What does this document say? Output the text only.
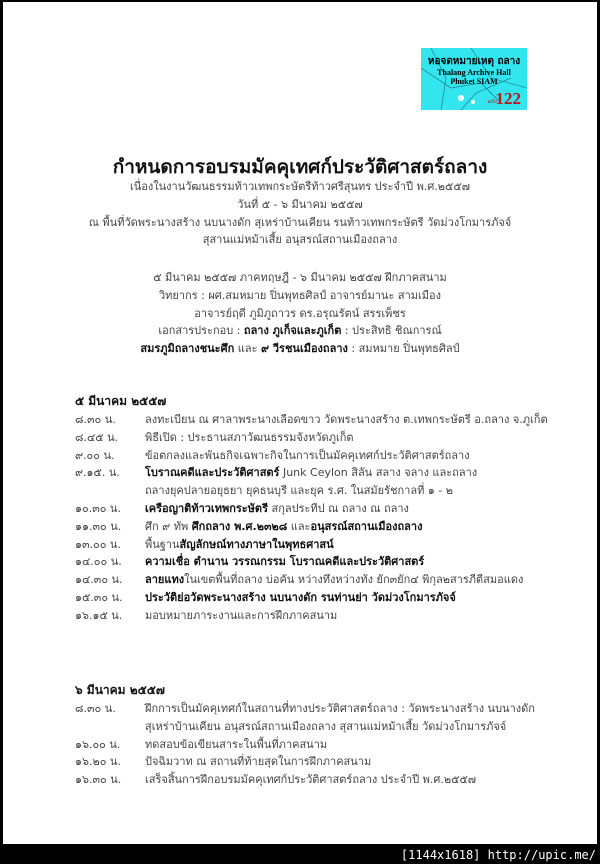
หอจดหมายเหตุ ถลาง
Thalang Archive Hall
Phuket SIAM
ฉบับ
122
กำหนดการอบรมมัคคุเทศก์ประวัติศาสตร์ถลาง
เนื่องในงานวัฒนธรรมท้าวเทพกระษัตรีท้าวศรีสุนทร ประจำปี พ.ศ.๒๕๕๗
วันที่ ๕ - ๖ มีนาคม ๒๕๕๗
ณ พื้นที่วัดพระนางสร้าง นบนางดัก สุเหร่าบ้านเคียน รนท้าวเทพกระษัตรี วัดม่วงโกมารภัจจ์
สุสานแม่หม้าเสี้ย อนุสรณ์สถานเมืองถลาง
๕ มีนาคม ๒๕๕๗ ภาคทฤษฎี - ๖ มีนาคม ๒๕๕๗ ฝึกภาคสนาม
วิทยากร : ผศ.สมหมาย ปิ่นพุทธศิลป์ อาจารย์มานะ สามเมือง
อาจารย์ฤดี ภูมิภูถาวร ดร.อรุณรัตน์ สรรเพ็ชร
เอกสารประกอบ : ถลาง ภูเก็จและภูเก็ต : ประสิทธิ ชิณการณ์
สมรภูมิถลางชนะศึก และ ๙ วีรชนเมืองถลาง : สมหมาย ปิ่นพุทธศิลป์
๕ มีนาคม ๒๕๕๗
๘.๓๐ น.	ลงทะเบียน ณ ศาลาพระนางเลือดขาว วัดพระนางสร้าง ต.เทพกระษัตรี อ.ถลาง จ.ภูเก็ต
๘.๔๕ น. พิธีเปิด : ประธานสภาวัฒนธรรมจังหวัดภูเก็ต
๙.๐๐ น.	ข้อตกลงและพันธกิจเฉพาะกิจในการเป็นมัคคุเทศก์ประวัติศาสตร์ถลาง
๙.๑๕. น. โบราณคดีและประวัติศาสตร์ Junk Ceylon สิลัน สลาง จลาง และถลาง
ถลางยุคปลายอยุธยา ยุคธนบุรี และยุค ร.ศ. ในสมัยรัชกาลที่ ๑ - ๒
๑๐.๓๐ น. เครือญาติท้าวเทพกระษัตรี สกุลประทีป ณ ถลาง ณ ถลาง
๑๑.๓๐ น. ศึก ๙ ทัพ ศึกถลาง พ.ศ.๒๓๒๘ และอนุสรณ์สถานเมืองถลาง
๑๓.๐๐ น. พื้นฐานสัญลักษณ์ทางภาษาในพุทธศาสน์
๑๔.๐๐ น. ความเชื่อ ตำนาน วรรณกรรม โบราณคดีและประวัติศาสตร์
๑๔.๓๐ น. ลายแทงในเขตพื้นที่ถลาง บ่อคัน หว่างทึงหว่างทัง ยัก๓ยัก๔ พิกุล๒สารภีตีสมอแดง
๑๕.๓๐ น. ประวัติย่อวัดพระนางสร้าง นบนางดัก รนท่านย่า วัดม่วงโกมารภัจจ์
๑๖.๑๕ น. มอบหมายภาระงานและการฝึกภาคสนาม
๖ มีนาคม ๒๕๕๗
๘.๓๐ น.	ฝึกการเป็นมัคคุเทศก์ในสถานที่ทางประวัติศาสตร์ถลาง : วัดพระนางสร้าง นบนางดัก
สุเหร่าบ้านเคียน อนุสรณ์สถานเมืองถลาง สุสานแม่หม้าเสี้ย วัดม่วงโกมารภัจจ์
๑๖.๐๐ น. ทดสอบข้อเขียนสาระในพื้นที่ภาคสนาม
๑๖.๒๐ น. ปัจฉิมวาท ณ สถานที่ท้ายสุดในการฝึกภาคสนาม
๑๖.๓๐ น. เสร็จสิ้นการฝึกอบรมมัคคุเทศก์ประวัติศาสตร์ถลาง ประจำปี พ.ศ.๒๕๕๗
[1144x1618] http://upic.me/
